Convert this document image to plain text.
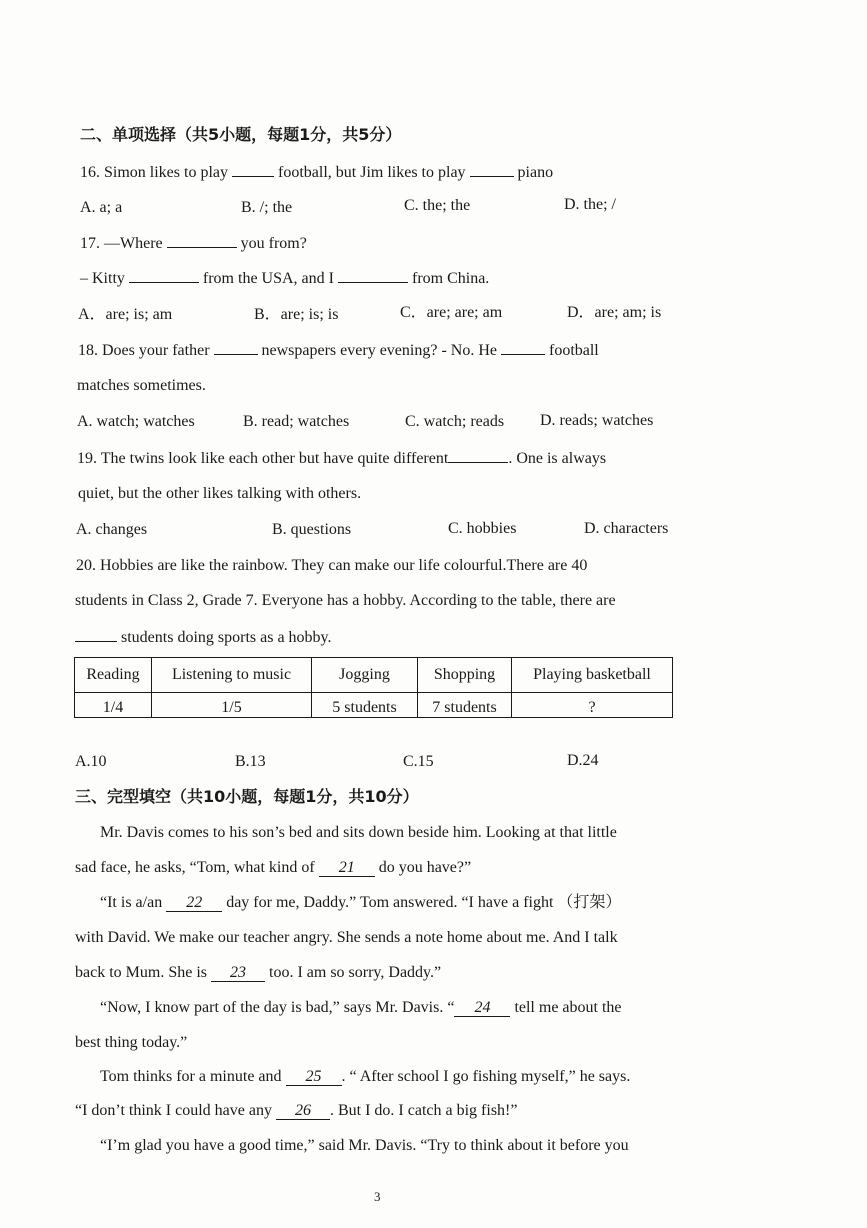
二、单项选择（共5小题，每题1分，共5分）
16. Simon likes to play	football, but Jim likes to play	piano
A. a; a	B. /; the	C. the; the	D. the; /
17. —Where	you from?
– Kitty	from the USA, and I	from China.
A．are; is; am	B．are; is; is	C．are; are; am	D．are; am; is
18. Does your father	newspapers every evening? - No. He	football
matches sometimes.
A. watch; watches	B. read; watches	C. watch; reads D. reads; watches
19. The twins look like each other but have quite different	. One is always
quiet, but the other likes talking with others.
A. changes	B. questions	C. hobbies	D. characters
20. Hobbies are like the rainbow. They can make our life colourful.There are 40
students in Class 2, Grade 7. Everyone has a hobby. According to the table, there are
students doing sports as a hobby.
Reading	Listening to music	Jogging	Shopping	Playing basketball
1/4	1/5	5 students	7 students	?
A.10	B.13	C.15	D.24
三、完型填空（共10小题，每题1分，共10分）
Mr. Davis comes to his son’s bed and sits down beside him. Looking at that little
sad face, he asks, “Tom, what kind of 21 do you have?”
“It is a/an 22 day for me, Daddy.” Tom answered. “I have a fight （打架）
with David. We make our teacher angry. She sends a note home about me. And I talk
back to Mum. She is 23 too. I am so sorry, Daddy.”
“Now, I know part of the day is bad,” says Mr. Davis. “ 24 tell me about the
best thing today.”
Tom thinks for a minute and 25 . “ After school I go fishing myself,” he says.
“I don’t think I could have any 26 . But I do. I catch a big fish!”
“I’m glad you have a good time,” said Mr. Davis. “Try to think about it before you
3
